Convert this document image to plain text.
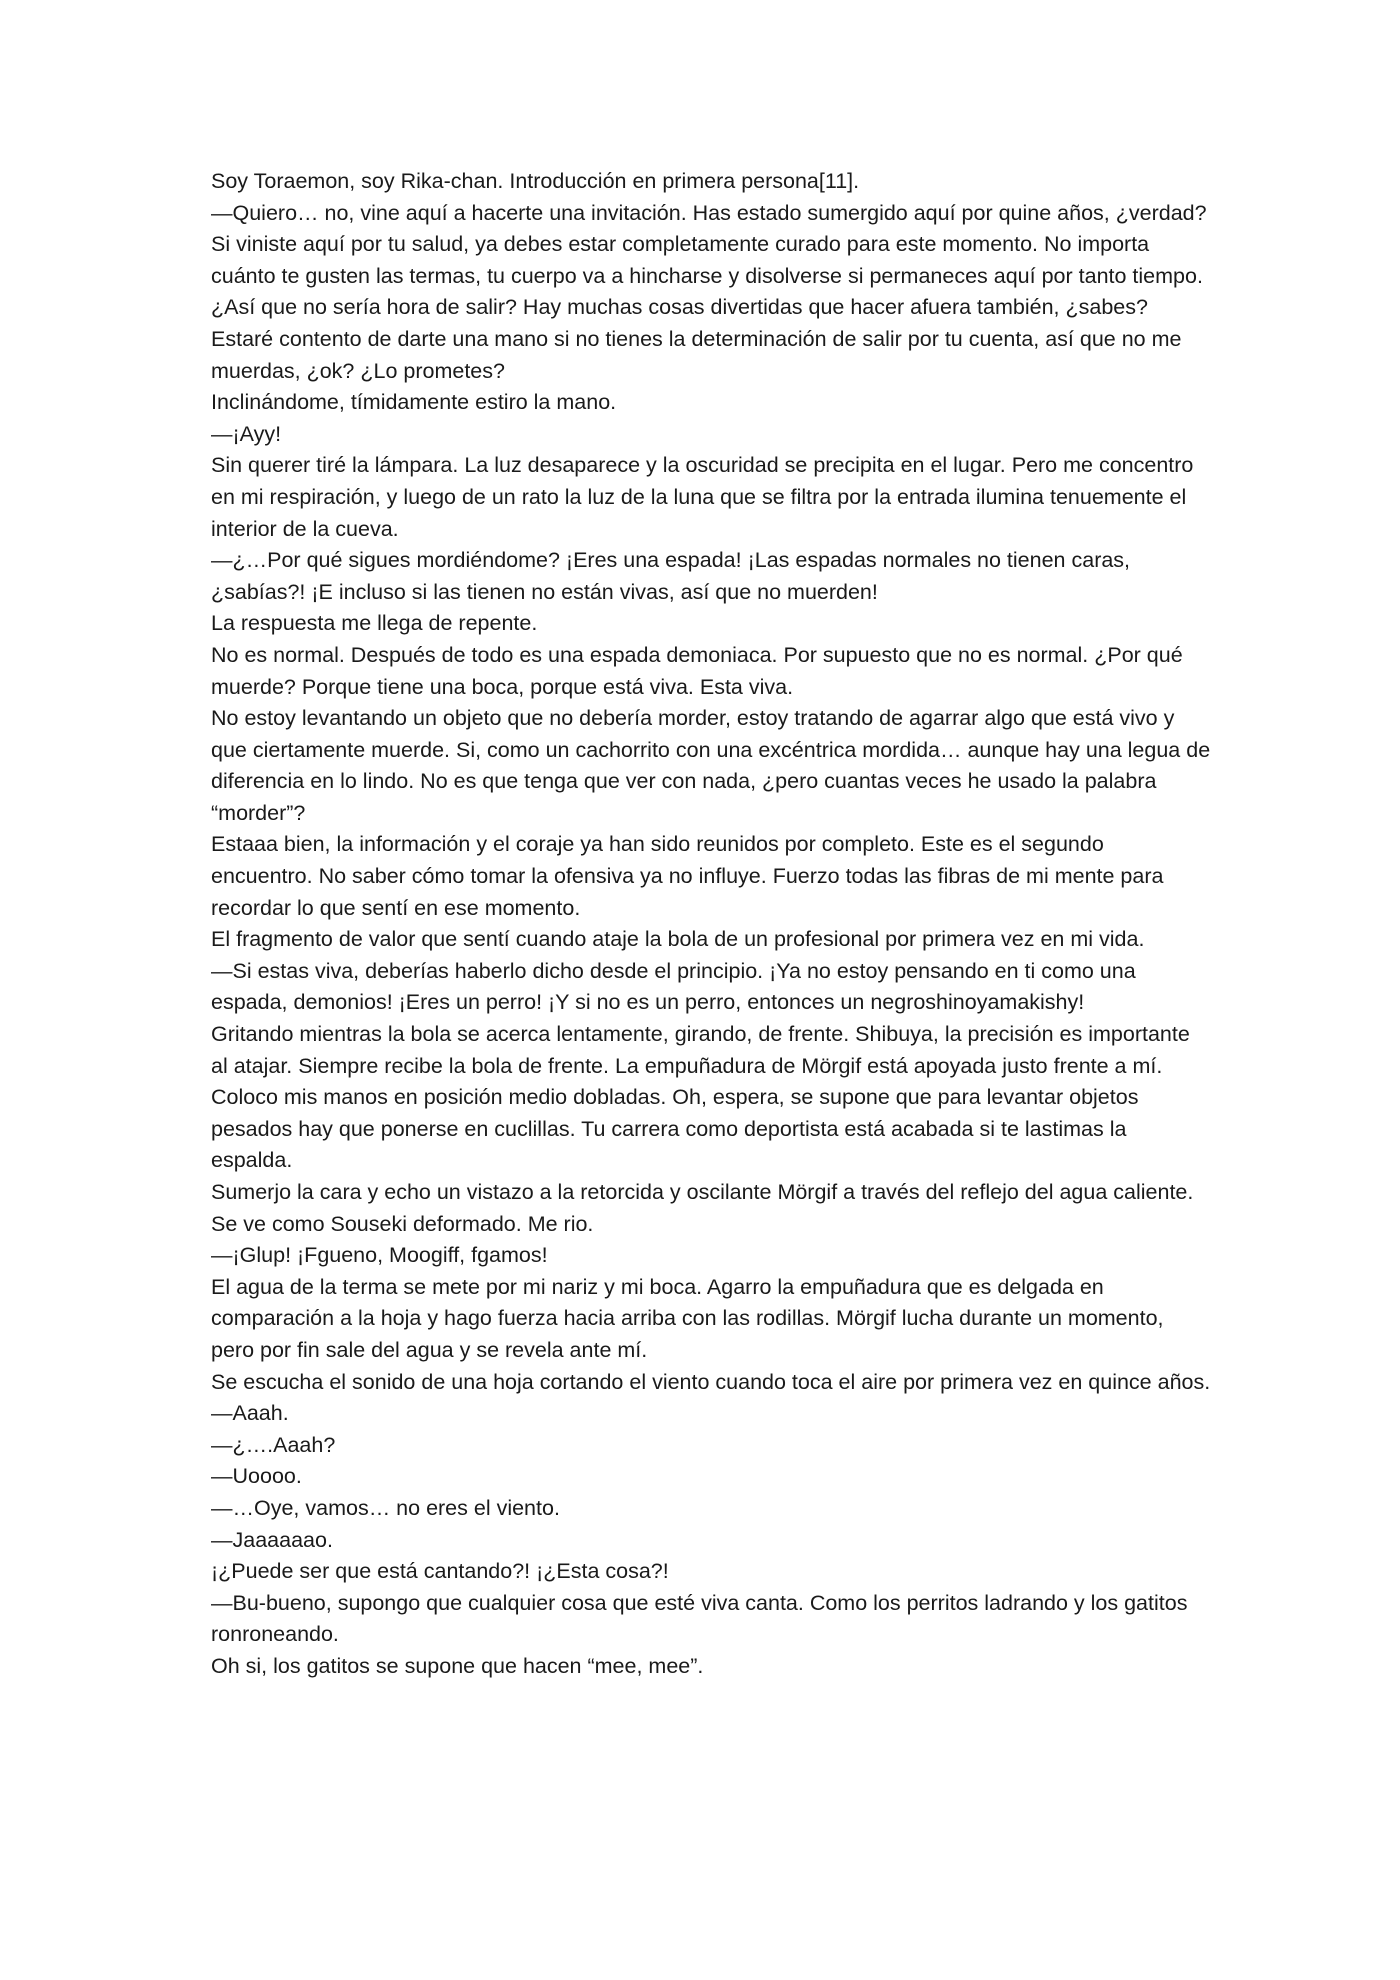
Soy Toraemon, soy Rika-chan. Introducción en primera persona[11].

—Quiero… no, vine aquí a hacerte una invitación. Has estado sumergido aquí por quine años, ¿verdad? Si viniste aquí por tu salud, ya debes estar completamente curado para este momento. No importa cuánto te gusten las termas, tu cuerpo va a hincharse y disolverse si permaneces aquí por tanto tiempo. ¿Así que no sería hora de salir? Hay muchas cosas divertidas que hacer afuera también, ¿sabes? Estaré contento de darte una mano si no tienes la determinación de salir por tu cuenta, así que no me muerdas, ¿ok? ¿Lo prometes?

Inclinándome, tímidamente estiro la mano.

—¡Ayy!

Sin querer tiré la lámpara. La luz desaparece y la oscuridad se precipita en el lugar. Pero me concentro en mi respiración, y luego de un rato la luz de la luna que se filtra por la entrada ilumina tenuemente el interior de la cueva.

—¿…Por qué sigues mordiéndome? ¡Eres una espada! ¡Las espadas normales no tienen caras, ¿sabías?! ¡E incluso si las tienen no están vivas, así que no muerden!

La respuesta me llega de repente.

No es normal. Después de todo es una espada demoniaca. Por supuesto que no es normal. ¿Por qué muerde? Porque tiene una boca, porque está viva. Esta viva.

No estoy levantando un objeto que no debería morder, estoy tratando de agarrar algo que está vivo y que ciertamente muerde. Si, como un cachorrito con una excéntrica mordida… aunque hay una legua de diferencia en lo lindo. No es que tenga que ver con nada, ¿pero cuantas veces he usado la palabra “morder”?

Estaaa bien, la información y el coraje ya han sido reunidos por completo. Este es el segundo encuentro. No saber cómo tomar la ofensiva ya no influye. Fuerzo todas las fibras de mi mente para recordar lo que sentí en ese momento.

El fragmento de valor que sentí cuando ataje la bola de un profesional por primera vez en mi vida.

—Si estas viva, deberías haberlo dicho desde el principio. ¡Ya no estoy pensando en ti como una espada, demonios! ¡Eres un perro! ¡Y si no es un perro, entonces un negroshinoyamakishy!

Gritando mientras la bola se acerca lentamente, girando, de frente. Shibuya, la precisión es importante al atajar. Siempre recibe la bola de frente. La empuñadura de Mörgif está apoyada justo frente a mí. Coloco mis manos en posición medio dobladas. Oh, espera, se supone que para levantar objetos pesados hay que ponerse en cuclillas. Tu carrera como deportista está acabada si te lastimas la espalda.

Sumerjo la cara y echo un vistazo a la retorcida y oscilante Mörgif a través del reflejo del agua caliente. Se ve como Souseki deformado. Me rio.

—¡Glup! ¡Fgueno, Moogiff, fgamos!

El agua de la terma se mete por mi nariz y mi boca. Agarro la empuñadura que es delgada en comparación a la hoja y hago fuerza hacia arriba con las rodillas. Mörgif lucha durante un momento, pero por fin sale del agua y se revela ante mí.

Se escucha el sonido de una hoja cortando el viento cuando toca el aire por primera vez en quince años.

—Aaah.

—¿….Aaah?

—Uoooo.

—…Oye, vamos… no eres el viento.

—Jaaaaaao.

¡¿Puede ser que está cantando?! ¡¿Esta cosa?!

—Bu-bueno, supongo que cualquier cosa que esté viva canta. Como los perritos ladrando y los gatitos ronroneando.

Oh si, los gatitos se supone que hacen “mee, mee”.
